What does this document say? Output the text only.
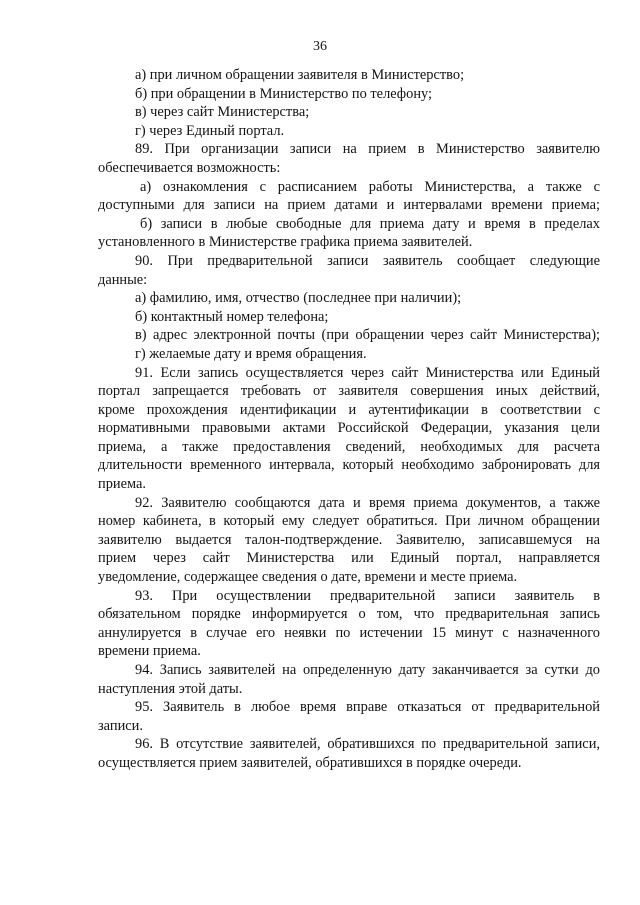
36
а) при личном обращении заявителя в Министерство;
б) при обращении в Министерство по телефону;
в) через сайт Министерства;
г) через Единый портал.
89. При организации записи на прием в Министерство заявителю
обеспечивается возможность:
а) ознакомления с расписанием работы Министерства, а также с
доступными для записи на прием датами и интервалами времени приема;
б) записи в любые свободные для приема дату и время в пределах
установленного в Министерстве графика приема заявителей.
90. При предварительной записи заявитель сообщает следующие
данные:
а) фамилию, имя, отчество (последнее при наличии);
б) контактный номер телефона;
в) адрес электронной почты (при обращении через сайт Министерства);
г) желаемые дату и время обращения.
91. Если запись осуществляется через сайт Министерства или Единый
портал запрещается требовать от заявителя совершения иных действий,
кроме прохождения идентификации и аутентификации в соответствии с
нормативными правовыми актами Российской Федерации, указания цели
приема, а также предоставления сведений, необходимых для расчета
длительности временного интервала, который необходимо забронировать для
приема.
92. Заявителю сообщаются дата и время приема документов, а также
номер кабинета, в который ему следует обратиться. При личном обращении
заявителю выдается талон-подтверждение. Заявителю, записавшемуся на
прием через сайт Министерства или Единый портал, направляется
уведомление, содержащее сведения о дате, времени и месте приема.
93. При осуществлении предварительной записи заявитель в
обязательном порядке информируется о том, что предварительная запись
аннулируется в случае его неявки по истечении 15 минут с назначенного
времени приема.
94. Запись заявителей на определенную дату заканчивается за сутки до
наступления этой даты.
95. Заявитель в любое время вправе отказаться от предварительной
записи.
96. В отсутствие заявителей, обратившихся по предварительной записи,
осуществляется прием заявителей, обратившихся в порядке очереди.
